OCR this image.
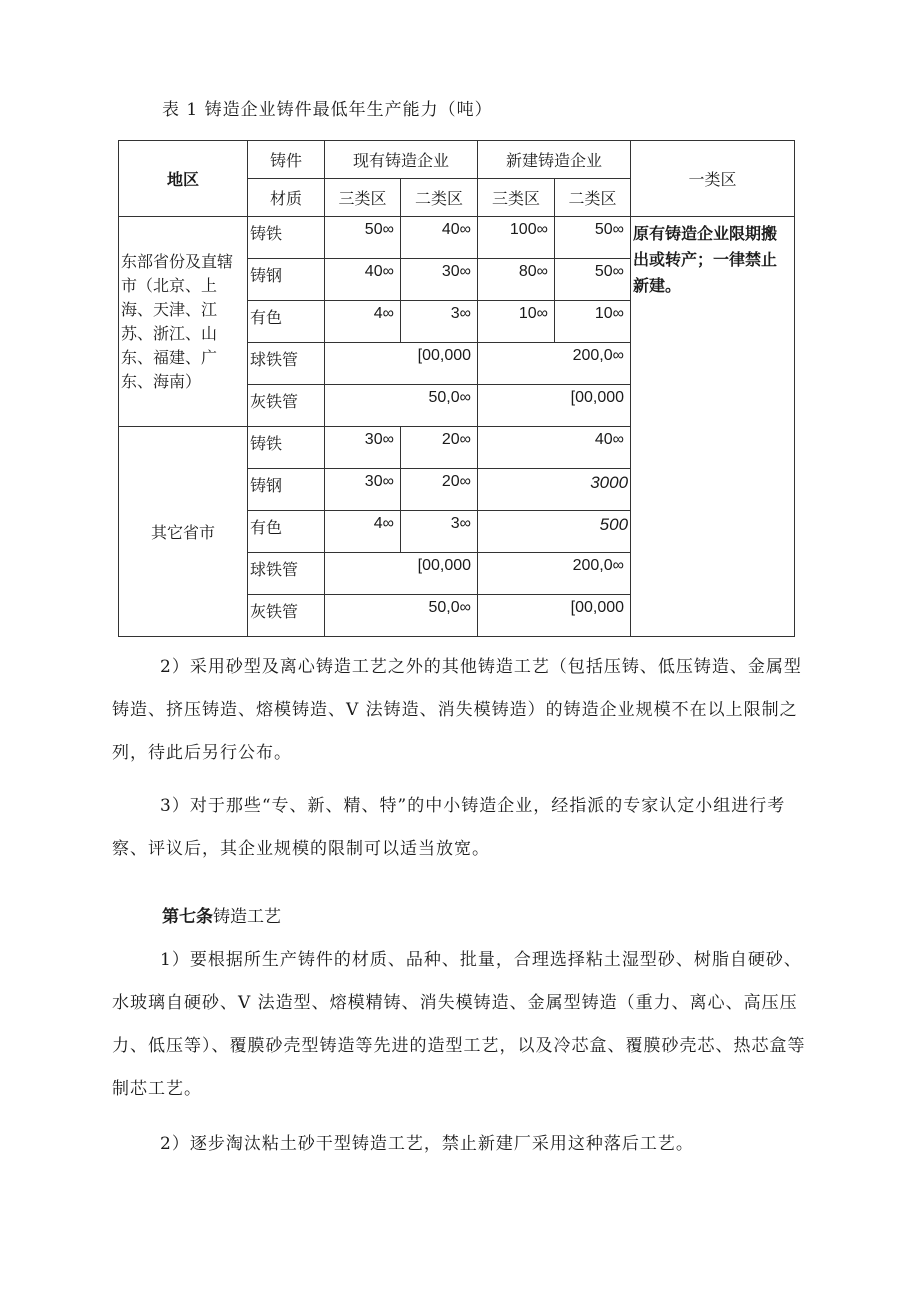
表 1 铸造企业铸件最低年生产能力（吨）
地区	铸件	现有铸造企业		新建铸造企业		一类区
	材质	三类区	二类区	三类区	二类区	
东部省份及直辖市（北京、上海、天津、江苏、浙江、山东、福建、广东、海南）	铸铁	50∞	40∞	100∞	50∞	原有铸造企业限期搬出或转产；一律禁止新建。
	铸钢	40∞	30∞	80∞	50∞	
	有色	4∞	3∞	10∞	10∞	
	球铁管	[00,000		200,0∞		
	灰铁管	50,0∞		[00,000		
其它省市	铸铁	30∞	20∞	40∞		
	铸钢	30∞	20∞	3000		
	有色	4∞	3∞	500		
	球铁管	[00,000		200,0∞		
	灰铁管	50,0∞		[00,000		
2）采用砂型及离心铸造工艺之外的其他铸造工艺（包括压铸、低压铸造、金属型铸造、挤压铸造、熔模铸造、V 法铸造、消失模铸造）的铸造企业规模不在以上限制之列，待此后另行公布。
3）对于那些“专、新、精、特”的中小铸造企业，经指派的专家认定小组进行考察、评议后，其企业规模的限制可以适当放宽。
第七条铸造工艺
1）要根据所生产铸件的材质、品种、批量，合理选择粘土湿型砂、树脂自硬砂、水玻璃自硬砂、V 法造型、熔模精铸、消失模铸造、金属型铸造（重力、离心、高压压力、低压等）、覆膜砂壳型铸造等先进的造型工艺，以及冷芯盒、覆膜砂壳芯、热芯盒等制芯工艺。
2）逐步淘汰粘土砂干型铸造工艺，禁止新建厂采用这种落后工艺。
